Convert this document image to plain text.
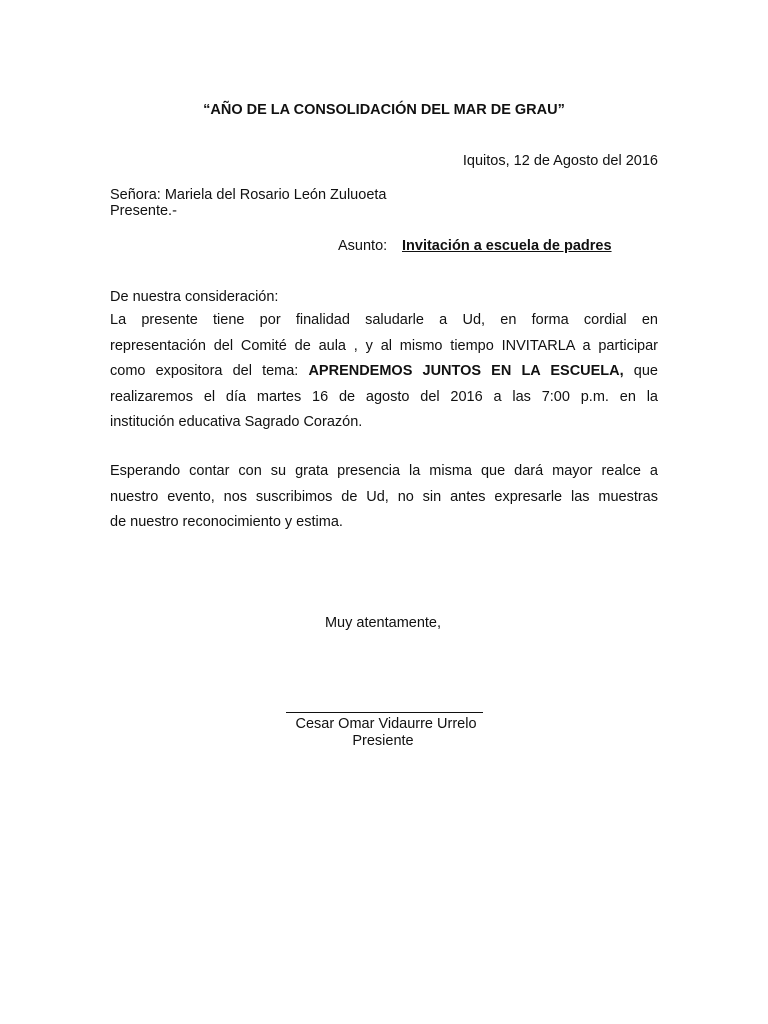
“AÑO DE LA CONSOLIDACIÓN DEL MAR DE GRAU”
Iquitos, 12 de Agosto del 2016
Señora: Mariela del Rosario León Zuluoeta
Presente.-
Asunto: Invitación a escuela de padres
De nuestra consideración:
La presente tiene por finalidad saludarle a Ud, en forma cordial en
representación del Comité de aula , y al mismo tiempo INVITARLA a participar
como expositora del tema: APRENDEMOS JUNTOS EN LA ESCUELA, que
realizaremos el día martes 16 de agosto del 2016 a las 7:00 p.m. en la
institución educativa Sagrado Corazón.
Esperando contar con su grata presencia la misma que dará mayor realce a
nuestro evento, nos suscribimos de Ud, no sin antes expresarle las muestras
de nuestro reconocimiento y estima.
Muy atentamente,
Cesar Omar Vidaurre Urrelo
Presiente
